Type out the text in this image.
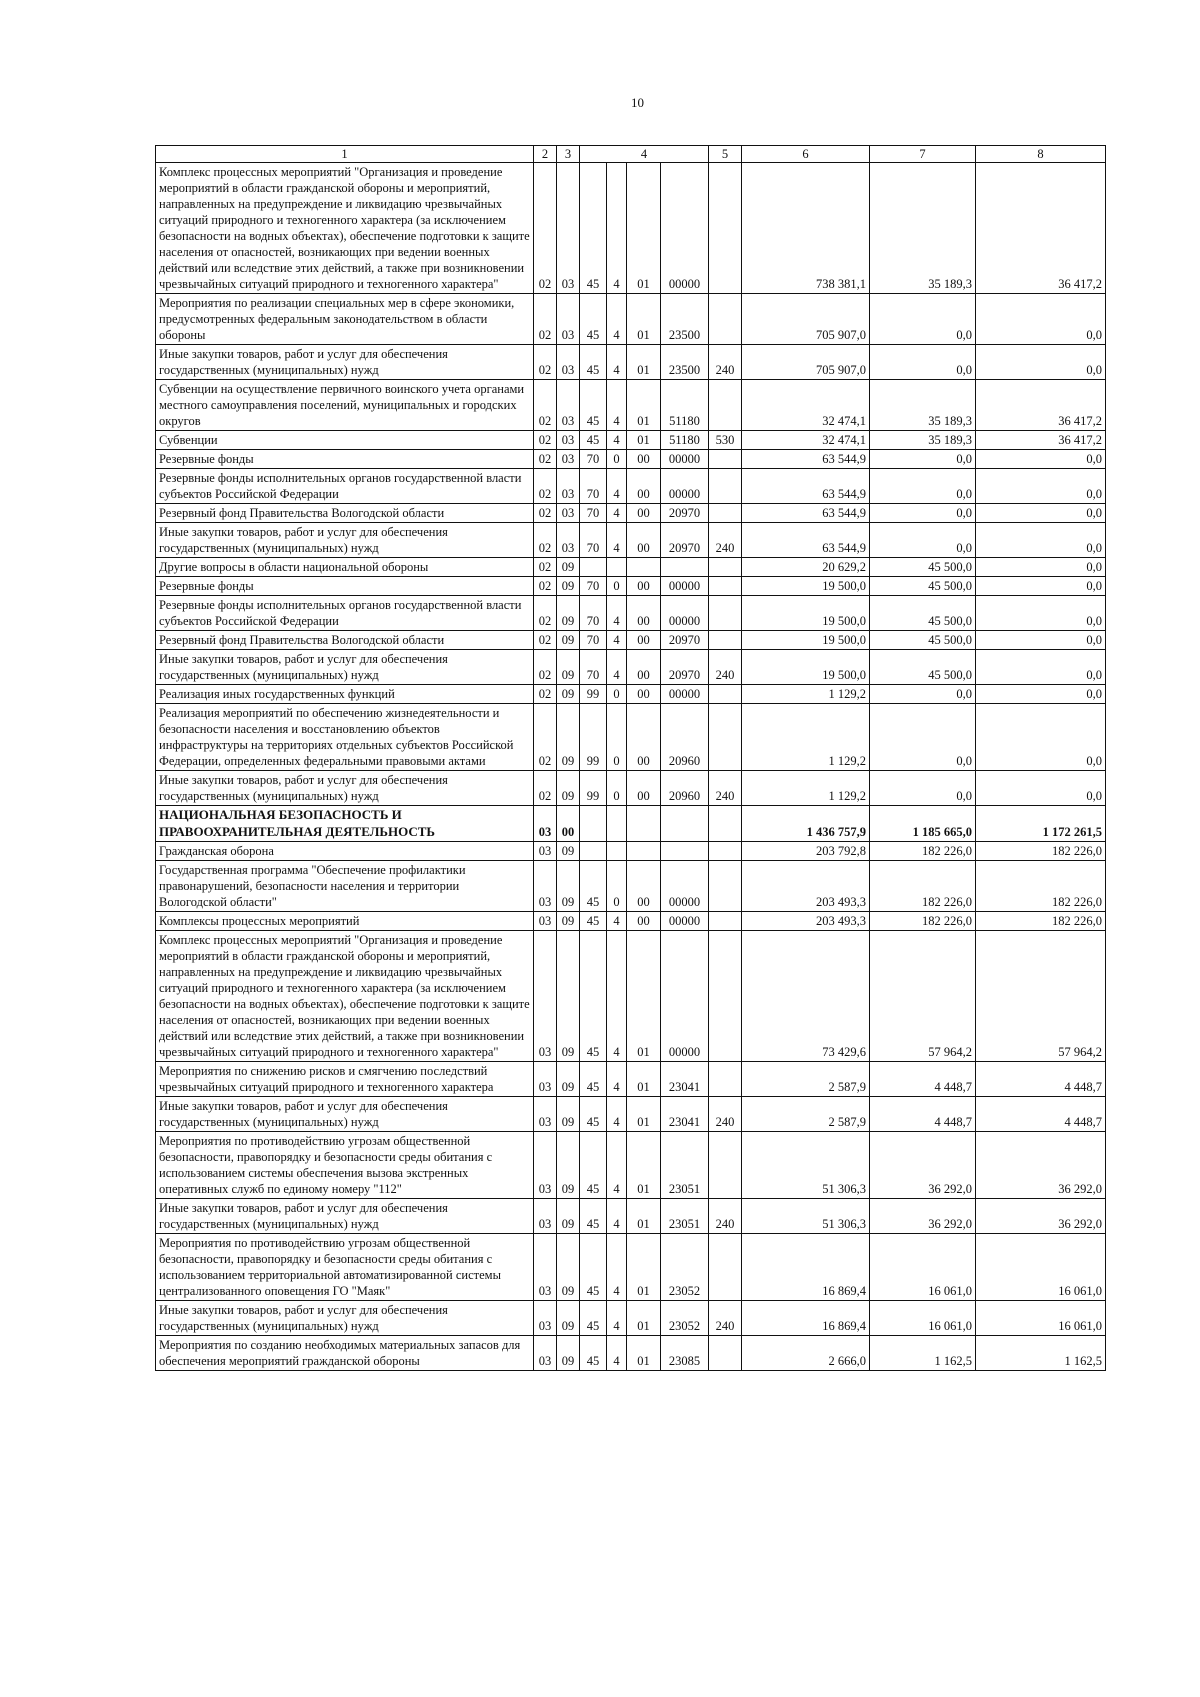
10
1	2	3	4				5	6	7	8
Комплекс процессных мероприятий "Организация и проведение мероприятий в области гражданской обороны и мероприятий, направленных на предупреждение и ликвидацию чрезвычайных ситуаций природного и техногенного характера (за исключением безопасности на водных объектах), обеспечение подготовки к защите населения от опасностей, возникающих при ведении военных действий или вследствие этих действий, а также при возникновении чрезвычайных ситуаций природного и техногенного характера"	02	03	45	4	01	00000		738 381,1	35 189,3	36 417,2
Мероприятия по реализации специальных мер в сфере экономики, предусмотренных федеральным законодательством в области обороны	02	03	45	4	01	23500		705 907,0	0,0	0,0
Иные закупки товаров, работ и услуг для обеспечения государственных (муниципальных) нужд	02	03	45	4	01	23500	240	705 907,0	0,0	0,0
Субвенции на осуществление первичного воинского учета органами местного самоуправления поселений, муниципальных и городских округов	02	03	45	4	01	51180		32 474,1	35 189,3	36 417,2
Субвенции	02	03	45	4	01	51180	530	32 474,1	35 189,3	36 417,2
Резервные фонды	02	03	70	0	00	00000		63 544,9	0,0	0,0
Резервные фонды исполнительных органов государственной власти субъектов Российской Федерации	02	03	70	4	00	00000		63 544,9	0,0	0,0
Резервный фонд Правительства Вологодской области	02	03	70	4	00	20970		63 544,9	0,0	0,0
Иные закупки товаров, работ и услуг для обеспечения государственных (муниципальных) нужд	02	03	70	4	00	20970	240	63 544,9	0,0	0,0
Другие вопросы в области национальной обороны	02	09						20 629,2	45 500,0	0,0
Резервные фонды	02	09	70	0	00	00000		19 500,0	45 500,0	0,0
Резервные фонды исполнительных органов государственной власти субъектов Российской Федерации	02	09	70	4	00	00000		19 500,0	45 500,0	0,0
Резервный фонд Правительства Вологодской области	02	09	70	4	00	20970		19 500,0	45 500,0	0,0
Иные закупки товаров, работ и услуг для обеспечения государственных (муниципальных) нужд	02	09	70	4	00	20970	240	19 500,0	45 500,0	0,0
Реализация иных государственных функций	02	09	99	0	00	00000		1 129,2	0,0	0,0
Реализация мероприятий по обеспечению жизнедеятельности и безопасности населения и восстановлению объектов инфраструктуры на территориях отдельных субъектов Российской Федерации, определенных федеральными правовыми актами	02	09	99	0	00	20960		1 129,2	0,0	0,0
Иные закупки товаров, работ и услуг для обеспечения государственных (муниципальных) нужд	02	09	99	0	00	20960	240	1 129,2	0,0	0,0
НАЦИОНАЛЬНАЯ БЕЗОПАСНОСТЬ И ПРАВООХРАНИТЕЛЬНАЯ ДЕЯТЕЛЬНОСТЬ	03	00						1 436 757,9	1 185 665,0	1 172 261,5
Гражданская оборона	03	09						203 792,8	182 226,0	182 226,0
Государственная программа "Обеспечение профилактики правонарушений, безопасности населения и территории Вологодской области"	03	09	45	0	00	00000		203 493,3	182 226,0	182 226,0
Комплексы процессных мероприятий	03	09	45	4	00	00000		203 493,3	182 226,0	182 226,0
Комплекс процессных мероприятий "Организация и проведение мероприятий в области гражданской обороны и мероприятий, направленных на предупреждение и ликвидацию чрезвычайных ситуаций природного и техногенного характера (за исключением безопасности на водных объектах), обеспечение подготовки к защите населения от опасностей, возникающих при ведении военных действий или вследствие этих действий, а также при возникновении чрезвычайных ситуаций природного и техногенного характера"	03	09	45	4	01	00000		73 429,6	57 964,2	57 964,2
Мероприятия по снижению рисков и смягчению последствий чрезвычайных ситуаций природного и техногенного характера	03	09	45	4	01	23041		2 587,9	4 448,7	4 448,7
Иные закупки товаров, работ и услуг для обеспечения государственных (муниципальных) нужд	03	09	45	4	01	23041	240	2 587,9	4 448,7	4 448,7
Мероприятия по противодействию угрозам общественной безопасности, правопорядку и безопасности среды обитания с использованием системы обеспечения вызова экстренных оперативных служб по единому номеру "112"	03	09	45	4	01	23051		51 306,3	36 292,0	36 292,0
Иные закупки товаров, работ и услуг для обеспечения государственных (муниципальных) нужд	03	09	45	4	01	23051	240	51 306,3	36 292,0	36 292,0
Мероприятия по противодействию угрозам общественной безопасности, правопорядку и безопасности среды обитания с использованием территориальной автоматизированной системы централизованного оповещения ГО "Маяк"	03	09	45	4	01	23052		16 869,4	16 061,0	16 061,0
Иные закупки товаров, работ и услуг для обеспечения государственных (муниципальных) нужд	03	09	45	4	01	23052	240	16 869,4	16 061,0	16 061,0
Мероприятия по созданию необходимых материальных запасов для обеспечения мероприятий гражданской обороны	03	09	45	4	01	23085		2 666,0	1 162,5	1 162,5
